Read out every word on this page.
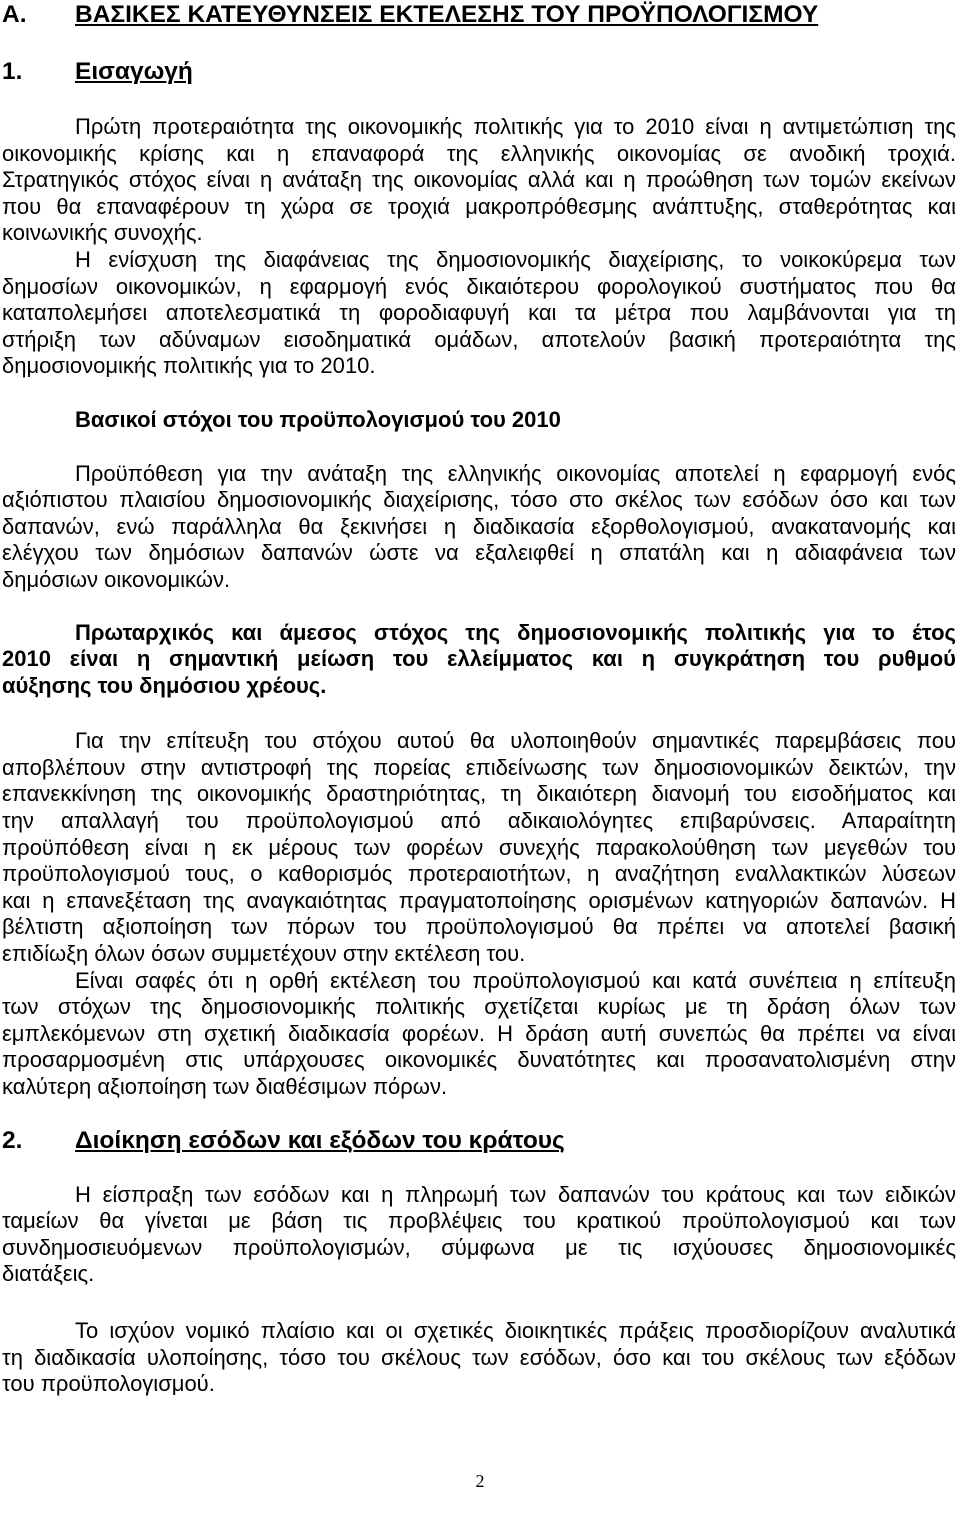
Α.	ΒΑΣΙΚΕΣ ΚΑΤΕΥΘΥΝΣΕΙΣ ΕΚΤΕΛΕΣΗΣ ΤΟΥ ΠΡΟΫΠΟΛΟΓΙΣΜΟΥ
1.	Εισαγωγή
Πρώτη προτεραιότητα της οικονομικής πολιτικής για το 2010 είναι η αντιμετώπιση της
οικονομικής κρίσης και η επαναφορά της ελληνικής οικονομίας σε ανοδική τροχιά.
Στρατηγικός στόχος είναι η ανάταξη της οικονομίας αλλά και η προώθηση των τομών εκείνων
που θα επαναφέρουν τη χώρα σε τροχιά μακροπρόθεσμης ανάπτυξης, σταθερότητας και
κοινωνικής συνοχής.
Η ενίσχυση της διαφάνειας της δημοσιονομικής διαχείρισης, το νοικοκύρεμα των
δημοσίων οικονομικών, η εφαρμογή ενός δικαιότερου φορολογικού συστήματος που θα
καταπολεμήσει αποτελεσματικά τη φοροδιαφυγή και τα μέτρα που λαμβάνονται για τη
στήριξη των αδύναμων εισοδηματικά ομάδων, αποτελούν βασική προτεραιότητα της
δημοσιονομικής πολιτικής για το 2010.
Βασικοί στόχοι του προϋπολογισμού του 2010
Προϋπόθεση για την ανάταξη της ελληνικής οικονομίας αποτελεί η εφαρμογή ενός
αξιόπιστου πλαισίου δημοσιονομικής διαχείρισης, τόσο στο σκέλος των εσόδων όσο και των
δαπανών, ενώ παράλληλα θα ξεκινήσει η διαδικασία εξορθολογισμού, ανακατανομής και
ελέγχου των δημόσιων δαπανών ώστε να εξαλειφθεί η σπατάλη και η αδιαφάνεια των
δημόσιων οικονομικών.
Πρωταρχικός και άμεσος στόχος της δημοσιονομικής πολιτικής για το έτος
2010 είναι η σημαντική μείωση του ελλείμματος και η συγκράτηση του ρυθμού
αύξησης του δημόσιου χρέους.
Για την επίτευξη του στόχου αυτού θα υλοποιηθούν σημαντικές παρεμβάσεις που
αποβλέπουν στην αντιστροφή της πορείας επιδείνωσης των δημοσιονομικών δεικτών, την
επανεκκίνηση της οικονομικής δραστηριότητας, τη δικαιότερη διανομή του εισοδήματος και
την απαλλαγή του προϋπολογισμού από αδικαιολόγητες επιβαρύνσεις. Απαραίτητη
προϋπόθεση είναι η εκ μέρους των φορέων συνεχής παρακολούθηση των μεγεθών του
προϋπολογισμού τους, ο καθορισμός προτεραιοτήτων, η αναζήτηση εναλλακτικών λύσεων
και η επανεξέταση της αναγκαιότητας πραγματοποίησης ορισμένων κατηγοριών δαπανών. Η
βέλτιστη αξιοποίηση των πόρων του προϋπολογισμού θα πρέπει να αποτελεί βασική
επιδίωξη όλων όσων συμμετέχουν στην εκτέλεση του.
Είναι σαφές ότι η ορθή εκτέλεση του προϋπολογισμού και κατά συνέπεια η επίτευξη
των στόχων της δημοσιονομικής πολιτικής σχετίζεται κυρίως με τη δράση όλων των
εμπλεκόμενων στη σχετική διαδικασία φορέων. Η δράση αυτή συνεπώς θα πρέπει να είναι
προσαρμοσμένη στις υπάρχουσες οικονομικές δυνατότητες και προσανατολισμένη στην
καλύτερη αξιοποίηση των διαθέσιμων πόρων.
2.	Διοίκηση εσόδων και εξόδων του κράτους
Η είσπραξη των εσόδων και η πληρωμή των δαπανών του κράτους και των ειδικών
ταμείων θα γίνεται με βάση τις προβλέψεις του κρατικού προϋπολογισμού και των
συνδημοσιευόμενων προϋπολογισμών, σύμφωνα με τις ισχύουσες δημοσιονομικές
διατάξεις.
Το ισχύον νομικό πλαίσιο και οι σχετικές διοικητικές πράξεις προσδιορίζουν αναλυτικά
τη διαδικασία υλοποίησης, τόσο του σκέλους των εσόδων, όσο και του σκέλους των εξόδων
του προϋπολογισμού.
2
